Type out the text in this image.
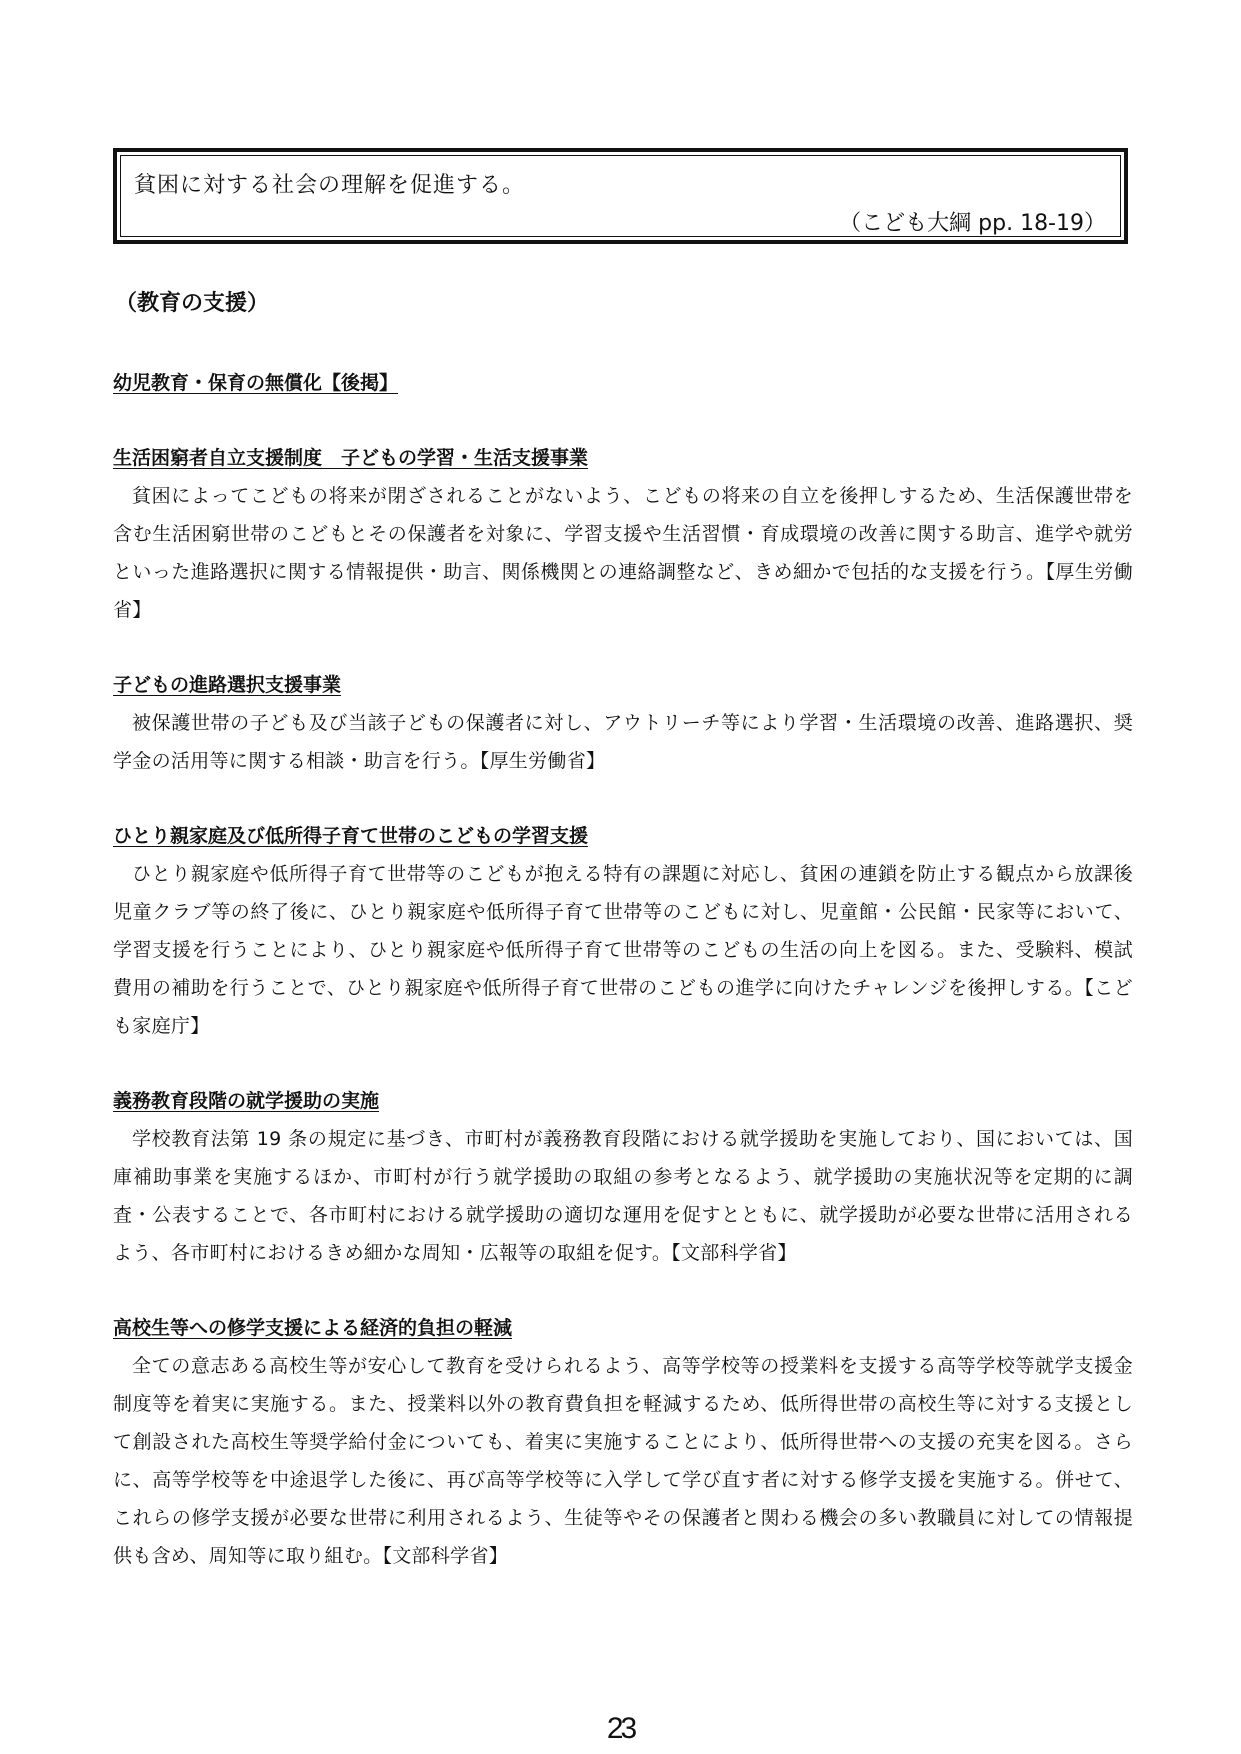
貧困に対する社会の理解を促進する。
（こども大綱 pp. 18-19）
（教育の支援）
幼児教育・保育の無償化【後掲】
生活困窮者自立支援制度　子どもの学習・生活支援事業

貧困によってこどもの将来が閉ざされることがないよう、こどもの将来の自立を後押しするため、生活保護世帯を含む生活困窮世帯のこどもとその保護者を対象に、学習支援や生活習慣・育成環境の改善に関する助言、進学や就労といった進路選択に関する情報提供・助言、関係機関との連絡調整など、きめ細かで包括的な支援を行う。【厚生労働省】

子どもの進路選択支援事業

被保護世帯の子ども及び当該子どもの保護者に対し、アウトリーチ等により学習・生活環境の改善、進路選択、奨学金の活用等に関する相談・助言を行う。【厚生労働省】

ひとり親家庭及び低所得子育て世帯のこどもの学習支援

ひとり親家庭や低所得子育て世帯等のこどもが抱える特有の課題に対応し、貧困の連鎖を防止する観点から放課後児童クラブ等の終了後に、ひとり親家庭や低所得子育て世帯等のこどもに対し、児童館・公民館・民家等において、学習支援を行うことにより、ひとり親家庭や低所得子育て世帯等のこどもの生活の向上を図る。また、受験料、模試費用の補助を行うことで、ひとり親家庭や低所得子育て世帯のこどもの進学に向けたチャレンジを後押しする。【こども家庭庁】

義務教育段階の就学援助の実施

学校教育法第 19 条の規定に基づき、市町村が義務教育段階における就学援助を実施しており、国においては、国庫補助事業を実施するほか、市町村が行う就学援助の取組の参考となるよう、就学援助の実施状況等を定期的に調査・公表することで、各市町村における就学援助の適切な運用を促すとともに、就学援助が必要な世帯に活用されるよう、各市町村におけるきめ細かな周知・広報等の取組を促す。【文部科学省】

高校生等への修学支援による経済的負担の軽減

全ての意志ある高校生等が安心して教育を受けられるよう、高等学校等の授業料を支援する高等学校等就学支援金制度等を着実に実施する。また、授業料以外の教育費負担を軽減するため、低所得世帯の高校生等に対する支援として創設された高校生等奨学給付金についても、着実に実施することにより、低所得世帯への支援の充実を図る。さらに、高等学校等を中途退学した後に、再び高等学校等に入学して学び直す者に対する修学支援を実施する。併せて、これらの修学支援が必要な世帯に利用されるよう、生徒等やその保護者と関わる機会の多い教職員に対しての情報提供も含め、周知等に取り組む。【文部科学省】

23
